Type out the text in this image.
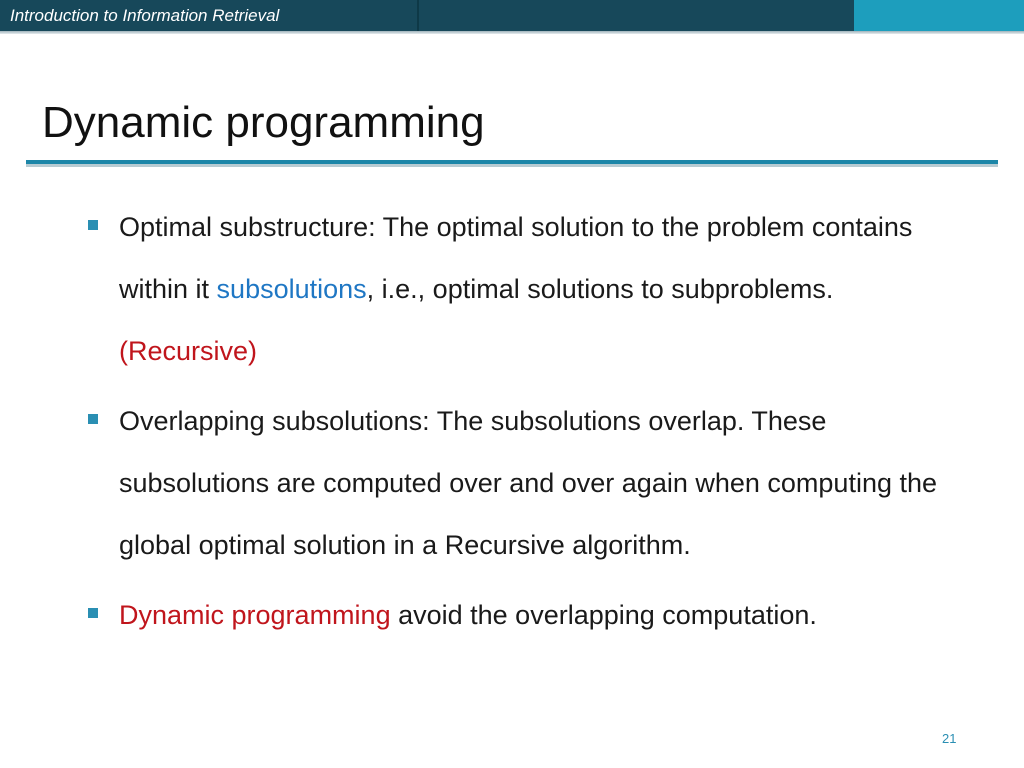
Introduction to Information Retrieval
Dynamic programming
Optimal substructure: The optimal solution to the problem contains within it subsolutions, i.e., optimal solutions to subproblems. (Recursive)
Overlapping subsolutions: The subsolutions overlap. These subsolutions are computed over and over again when computing the global optimal solution in a Recursive algorithm.
Dynamic programming avoid the overlapping computation.
21
